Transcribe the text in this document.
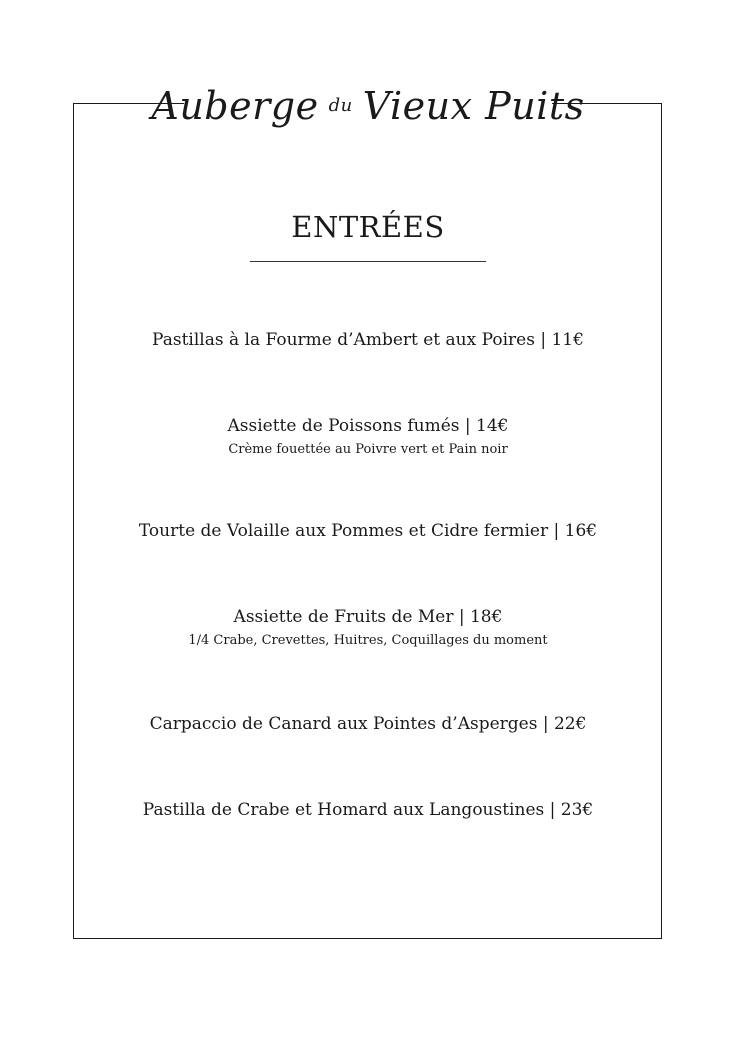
Auberge du Vieux Puits
ENTRÉES
Pastillas à la Fourme d’Ambert et aux Poires | 11€
Assiette de Poissons fumés | 14€
Crème fouettée au Poivre vert et Pain noir
Tourte de Volaille aux Pommes et Cidre fermier | 16€
Assiette de Fruits de Mer | 18€
1/4 Crabe, Crevettes, Huitres, Coquillages du moment
Carpaccio de Canard aux Pointes d’Asperges | 22€
Pastilla de Crabe et Homard aux Langoustines | 23€
